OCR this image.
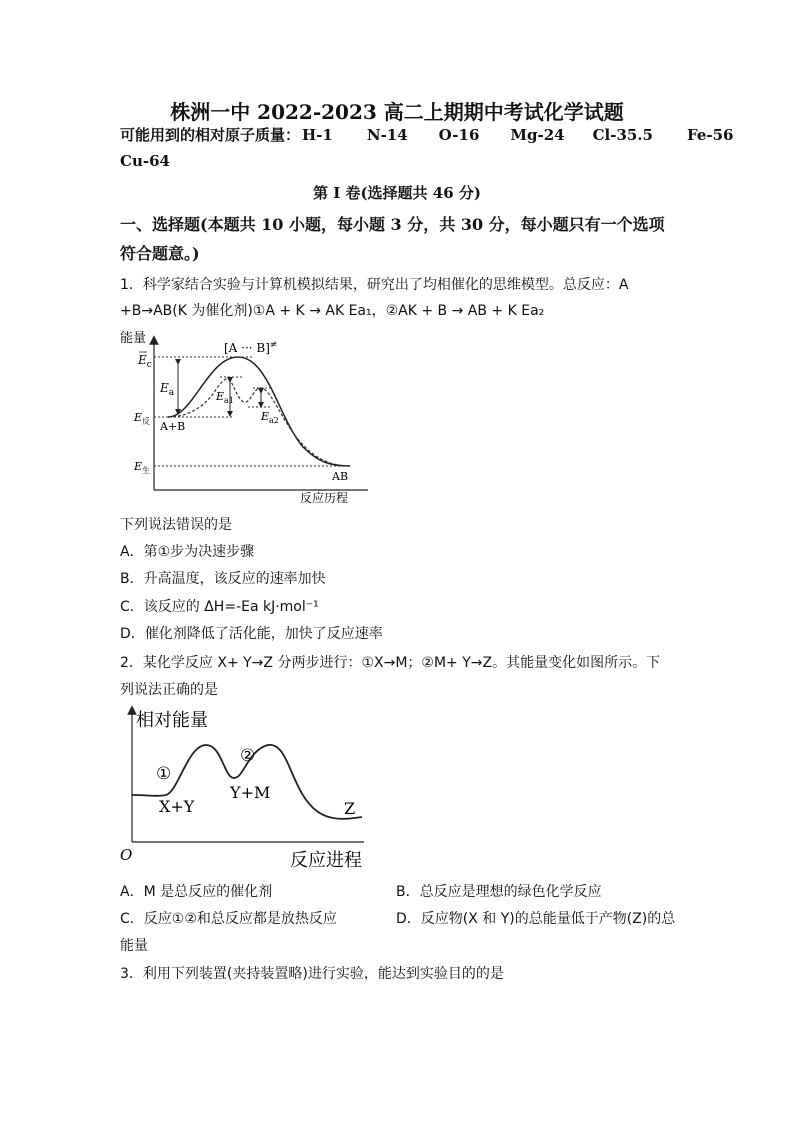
株洲一中 2022-2023 高二上期期中考试化学试题
可能用到的相对原子质量： H-1 N-14 O-16 Mg-24 Cl-35.5 Fe-56
Cu-64
第 I 卷(选择题共 46 分)
一、选择题(本题共 10 小题，每小题 3 分，共 30 分，每小题只有一个选项符合题意。)
1．科学家结合实验与计算机模拟结果，研究出了均相催化的思维模型。总反应：A
+B→AB(K 为催化剂)①A + K → AK Ea₁，②AK + B → AB + K Ea₂
能量
反应历程
$E_c$
[A ··· B]≠
$E_a$	$E_{a1}$
$E_{a2}$
$E_反$
$E_生$
A+B
AB
下列说法错误的是
A．第①步为决速步骤
B．升高温度，该反应的速率加快
C．该反应的 ΔH=-Ea kJ·mol⁻¹
D．催化剂降低了活化能，加快了反应速率
2．某化学反应 X+ Y→Z 分两步进行：①X→M；②M+ Y→Z。其能量变化如图所示。下
列说法正确的是
相对能量
反应进程
O
①
②
X+Y
Y+M
Z
A．M 是总反应的催化剂	B．总反应是理想的绿色化学反应
C．反应①②和总反应都是放热反应	D．反应物(X 和 Y)的总能量低于产物(Z)的总
能量
3．利用下列装置(夹持装置略)进行实验，能达到实验目的的是
